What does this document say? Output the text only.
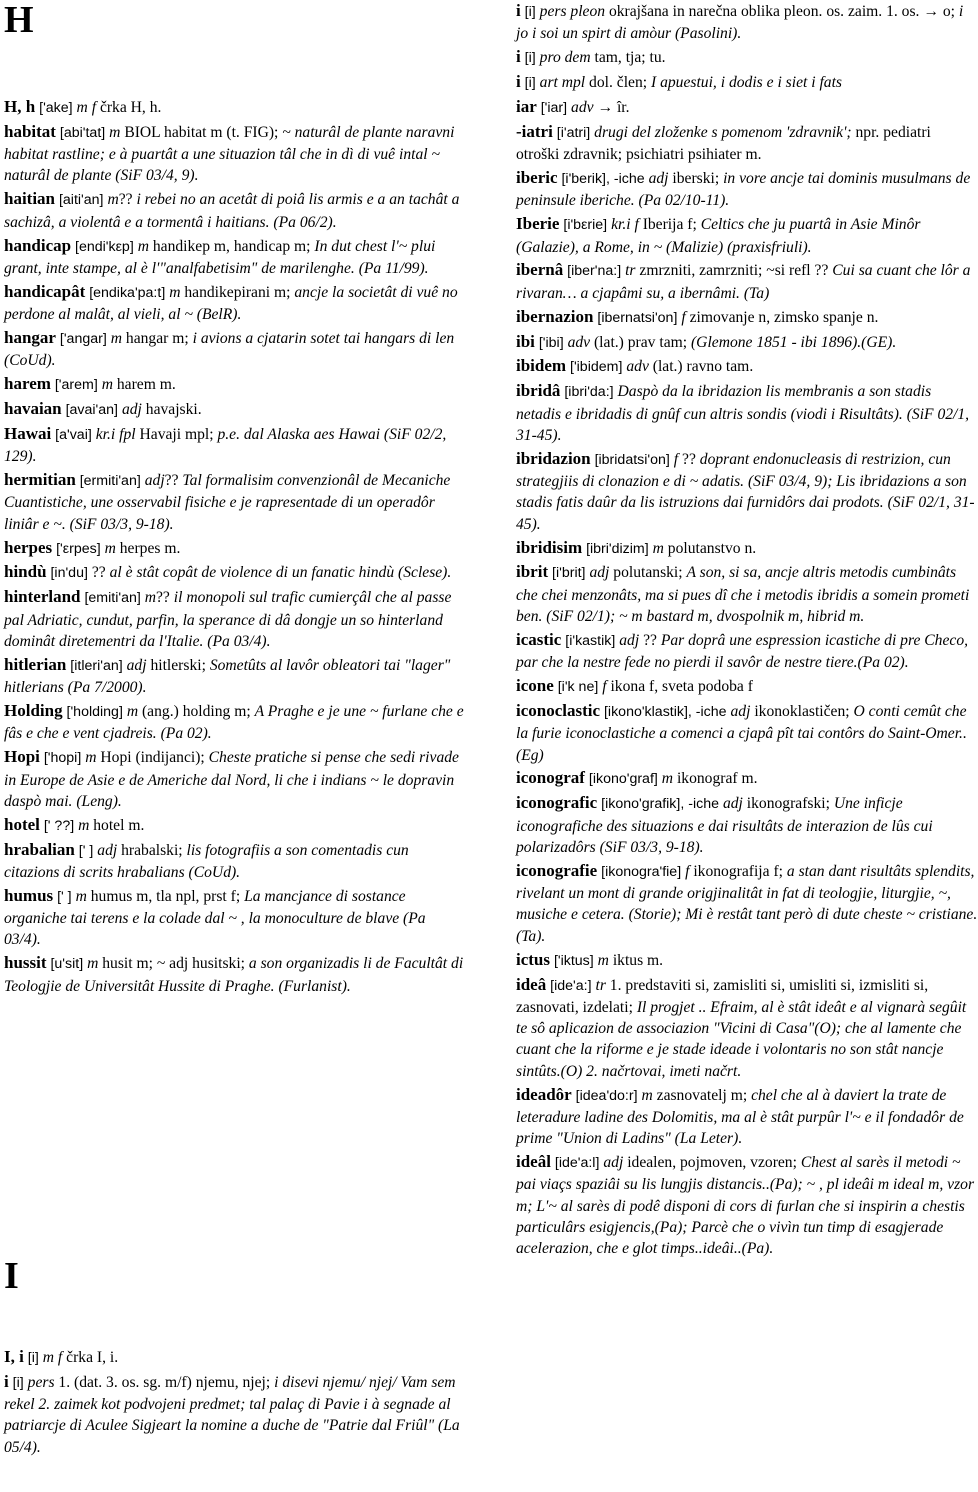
H

H, h ['ake] m f črka H, h.

habitat [abi'tat] m BIOL habitat m (t. FIG); ~ naturâl de plante naravni habitat rastline; e à puartât a une situazion tâl che in dì di vuê intal ~ naturâl de plante (SiF 03/4, 9).

haitian [aiti'an] m?? i rebei no an acetât di poiâ lis armis e a an tachât a sachizâ, a violentâ e a tormentâ i haitians. (Pa 06/2).

handicap [endi'kεp] m handikep m, handicap m; In dut chest l'~ plui grant, inte stampe, al è l'"analfabetisim" de marilenghe. (Pa 11/99).

handicapât [endika'pa:t] m handikepirani m; ancje la societât di vuê no perdone al malât, al vieli, al ~ (BelR).

hangar ['angar] m hangar m; i avions a cjatarin sotet tai hangars di len (CoUd).

harem ['arem] m harem m.

havaian [avai'an] adj havajski.

Hawai [a'vai] kr.i fpl Havaji mpl; p.e. dal Alaska aes Hawai (SiF 02/2, 129).

hermitian [ermiti'an] adj?? Tal formalisim convenzionâl de Mecaniche Cuantistiche, une osservabil fisiche e je rapresentade di un operadôr liniâr e ~. (SiF 03/3, 9-18).

herpes ['εrpes] m herpes m.

hindù [in'du] ?? al è stât copât de violence di un fanatic hindù (Sclese).

hinterland [emiti'an] m?? il monopoli sul trafic cumierçâl che al passe pal Adriatic, cundut, parfin, la sperance di dâ dongje un so hinterland dominât diretementri da l'Italie. (Pa 03/4).

hitlerian [itleri'an] adj hitlerski; Sometûts al lavôr obleatori tai "lager" hitlerians (Pa 7/2000).

Holding ['holding] m (ang.) holding m; A Praghe e je une ~ furlane che e fâs e che e vent cjadreis. (Pa 02).

Hopi ['hopi] m Hopi (indijanci); Cheste pratiche si pense che sedi rivade in Europe de Asie e de Americhe dal Nord, li che i indians ~ le dopravin daspò mai. (Leng).

hotel [' ??] m hotel m.

hrabalian [' ] adj hrabalski; lis fotografiis a son comentadis cun citazions di scrits hrabalians (CoUd).

humus [' ] m humus m, tla npl, prst f; La mancjance di sostance organiche tai terens e la colade dal ~ , la monoculture de blave (Pa 03/4).

hussit [u'sit] m husit m; ~ adj husitski; a son organizadis li de Facultât di Teologjie de Universitât Hussite di Praghe. (Furlanist).

I

I, i [i] m f črka I, i.

i [i] pers 1. (dat. 3. os. sg. m/f) njemu, njej; i disevi njemu/ njej/ Vam sem rekel 2. zaimek kot podvojeni predmet; tal palaç di Pavie i à segnade al patriarcje di Aculee Sigjeart la nomine a duche de "Patrie dal Friûl" (La 05/4).

i [i] pers pleon okrajšana in narečna oblika pleon. os. zaim. 1. os. → o; i jo i soi un spirt di amòur (Pasolini).

i [i] pro dem tam, tja; tu.

i [i] art mpl dol. člen; I apuestui, i dodis e i siet i fats

iar ['iar] adv → îr.

-iatri [i'atri] drugi del zloženke s pomenom 'zdravnik'; npr. pediatri otroški zdravnik; psichiatri psihiater m.

iberic [i'berik], -iche adj iberski; in vore ancje tai dominis musulmans de peninsule iberiche. (Pa 02/10-11).

Iberie [i'bεrie] kr.i f Iberija f; Celtics che ju puartâ in Asie Minôr (Galazie), a Rome, in ~ (Malizie) (praxisfriuli).

ibernâ [iber'na:] tr zmrzniti, zamrzniti; ~si refl ?? Cui sa cuant che lôr a rivaran… a cjapâmi su, a ibernâmi. (Ta)

ibernazion [ibernatsi'on] f zimovanje n, zimsko spanje n.

ibi ['ibi] adv (lat.) prav tam; (Glemone 1851 - ibi 1896).(GE).

ibidem ['ibidem] adv (lat.) ravno tam.

ibridâ [ibri'da:] Daspò da la ibridazion lis membranis a son stadis netadis e ibridadis di gnûf cun altris sondis (viodi i Risultâts). (SiF 02/1, 31-45).

ibridazion [ibridatsi'on] f ?? doprant endonucleasis di restrizion, cun strategjiis di clonazion e di ~ adatis. (SiF 03/4, 9); Lis ibridazions a son stadis fatis daûr da lis istruzions dai furnidôrs dai prodots. (SiF 02/1, 31-45).

ibridisim [ibri'dizim] m polutanstvo n.

ibrit [i'brit] adj polutanski; A son, si sa, ancje altris metodis cumbinâts che chei menzonâts, ma si pues dî che i metodis ibridis a somein prometi ben. (SiF 02/1); ~ m bastard m, dvospolnik m, hibrid m.

icastic [i'kastik] adj ?? Par doprâ une espression icastiche di pre Checo, par che la nestre fede no pierdi il savôr de nestre tiere.(Pa 02).

icone [i'k ne] f ikona f, sveta podoba f

iconoclastic [ikono'klastik], -iche adj ikonoklastičen; O conti cemût che la furie iconoclastiche a comenci a cjapâ pît tai contôrs do Saint-Omer.. (Eg)

iconograf [ikono'graf] m ikonograf m.

iconografic [ikono'grafik], -iche adj ikonografski; Une inficje iconografiche des situazions e dai risultâts de interazion de lûs cui polarizadôrs (SiF 03/3, 9-18).

iconografie [ikonogra'fie] f ikonografija f; a stan dant risultâts splendits, rivelant un mont di grande origjinalitât in fat di teologjie, liturgjie, ~, musiche e cetera. (Storie); Mi è restât tant però di dute cheste ~ cristiane. (Ta).

ictus ['iktus] m iktus m.

ideâ [ide'a:] tr 1. predstaviti si, zamisliti si, umisliti si, izmisliti si, zasnovati, izdelati; Il progjet .. Efraim, al è stât ideât e al vignarà segûit te sô aplicazion de associazion "Vicini di Casa"(O); che al lamente che cuant che la riforme e je stade ideade i volontaris no son stât nancje sintûts.(O) 2. načrtovai, imeti načrt.

ideadôr [idea'do:r] m zasnovatelj m; chel che al à daviert la trate de leteradure ladine des Dolomitis, ma al è stât purpûr l'~ e il fondadôr de prime "Union di Ladins" (La Leter).

ideâl [ide'a:l] adj idealen, pojmoven, vzoren; Chest al sarès il metodi ~ pai viaçs spaziâi su lis lungjis distancis..(Pa); ~ , pl ideâi m ideal m, vzor m; L'~ al sarès di podê disponi di cors di furlan che si inspirin a chestis particulârs esigjencis,(Pa); Parcè che o vivìn tun timp di esagjerade acelerazion, che e glot timps..ideâi..(Pa).
